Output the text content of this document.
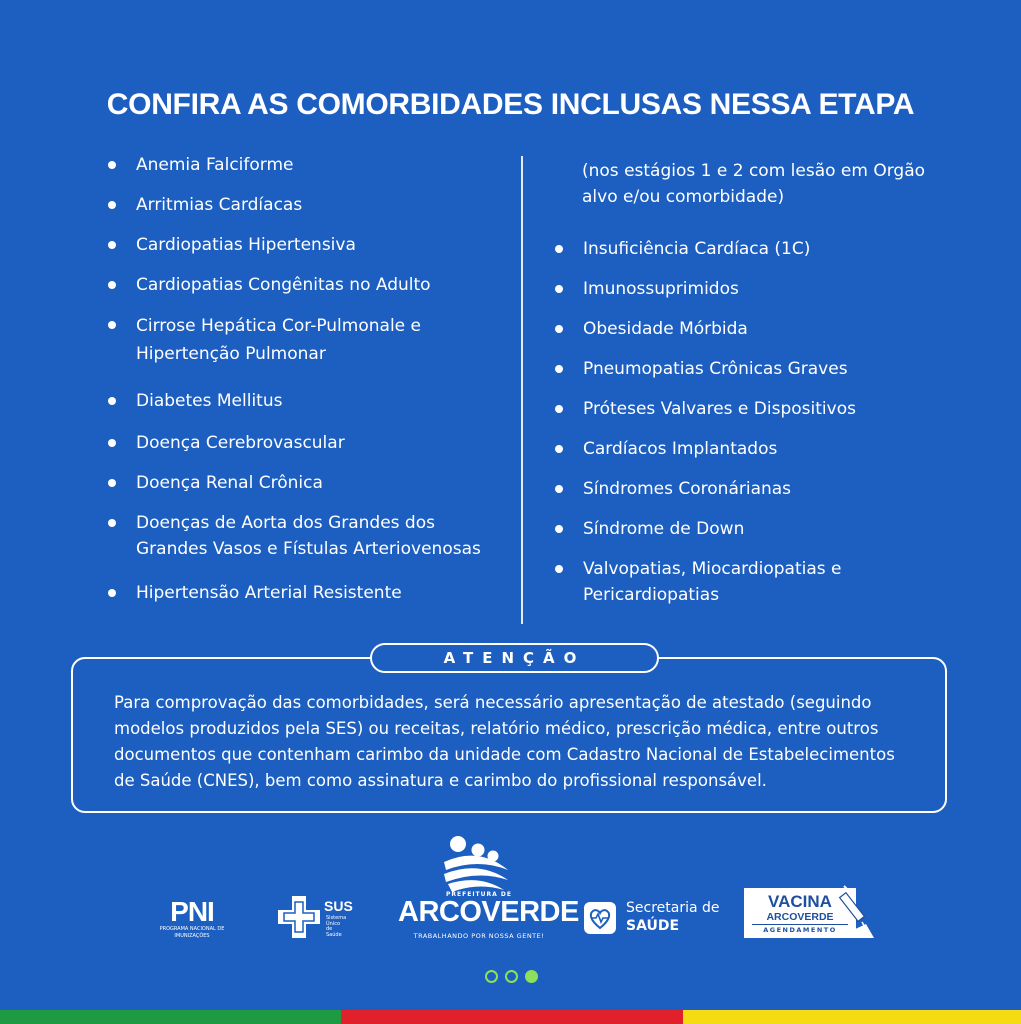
CONFIRA AS COMORBIDADES INCLUSAS NESSA ETAPA
Anemia Falciforme
Arritmias Cardíacas
Cardiopatias Hipertensiva
Cardiopatias Congênitas no Adulto
Cirrose Hepática Cor-Pulmonale e Hipertenção Pulmonar
Diabetes Mellitus
Doença Cerebrovascular
Doença Renal Crônica
Doenças de Aorta dos Grandes dos Grandes Vasos e Fístulas Arteriovenosas
Hipertensão Arterial Resistente
(nos estágios 1 e 2 com lesão em Orgão alvo e/ou comorbidade)
Insuficiência Cardíaca (1C)
Imunossuprimidos
Obesidade Mórbida
Pneumopatias Crônicas Graves
Próteses Valvares e Dispositivos
Cardíacos Implantados
Síndromes Coronárianas
Síndrome de Down
Valvopatias, Miocardiopatias e Pericardiopatias
ATENÇÃO
Para comprovação das comorbidades, será necessário apresentação de atestado (seguindo modelos produzidos pela SES) ou receitas, relatório médico, prescrição médica, entre outros documentos que contenham carimbo da unidade com Cadastro Nacional de Estabelecimentos de Saúde (CNES), bem como assinatura e carimbo do profissional responsável.
PNI
PROGRAMA NACIONAL DE IMUNIZAÇÕES
SUS
Sistema Único de Saúde
PREFEITURA DE
ARCOVERDE
TRABALHANDO POR NOSSA GENTE!
Secretaria de
SAÚDE
VACINA
ARCOVERDE
AGENDAMENTO
